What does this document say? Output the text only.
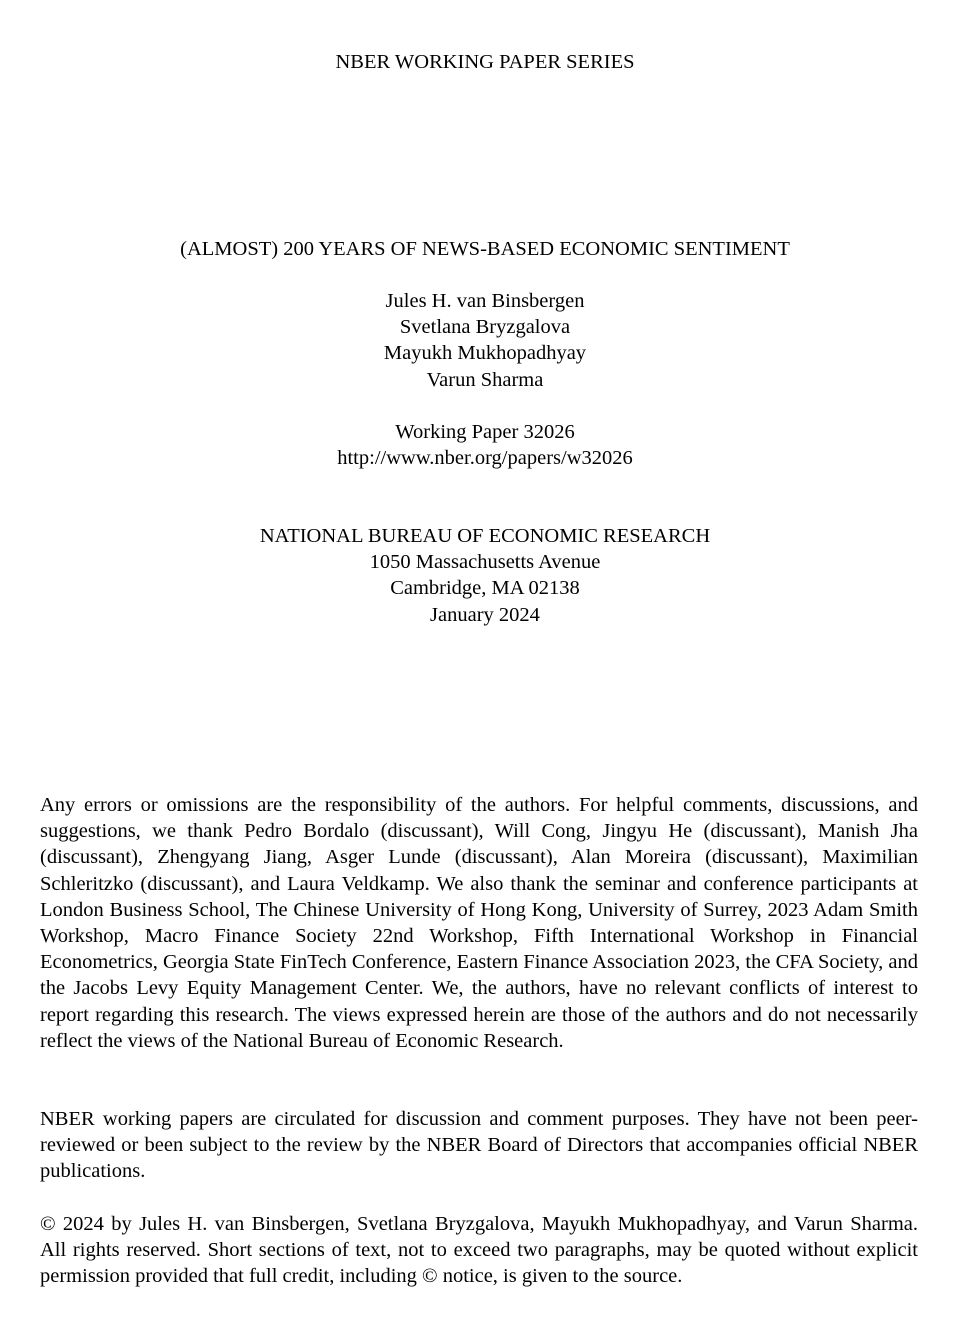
NBER WORKING PAPER SERIES
(ALMOST) 200 YEARS OF NEWS-BASED ECONOMIC SENTIMENT
Jules H. van Binsbergen
Svetlana Bryzgalova
Mayukh Mukhopadhyay
Varun Sharma
Working Paper 32026
http://www.nber.org/papers/w32026
NATIONAL BUREAU OF ECONOMIC RESEARCH
1050 Massachusetts Avenue
Cambridge, MA 02138
January 2024

Any errors or omissions are the responsibility of the authors. For helpful comments, discussions, and suggestions, we thank Pedro Bordalo (discussant), Will Cong, Jingyu He (discussant), Manish Jha (discussant), Zhengyang Jiang, Asger Lunde (discussant), Alan Moreira (discussant), Maximilian Schleritzko (discussant), and Laura Veldkamp. We also thank the seminar and conference participants at London Business School, The Chinese University of Hong Kong, University of Surrey, 2023 Adam Smith Workshop, Macro Finance Society 22nd Workshop, Fifth International Workshop in Financial Econometrics, Georgia State FinTech Conference, Eastern Finance Association 2023, the CFA Society, and the Jacobs Levy Equity Management Center. We, the authors, have no relevant conflicts of interest to report regarding this research. The views expressed herein are those of the authors and do not necessarily reflect the views of the National Bureau of Economic Research.

NBER working papers are circulated for discussion and comment purposes. They have not been peer-reviewed or been subject to the review by the NBER Board of Directors that accompanies official NBER publications.

© 2024 by Jules H. van Binsbergen, Svetlana Bryzgalova, Mayukh Mukhopadhyay, and Varun Sharma. All rights reserved. Short sections of text, not to exceed two paragraphs, may be quoted without explicit permission provided that full credit, including © notice, is given to the source.
